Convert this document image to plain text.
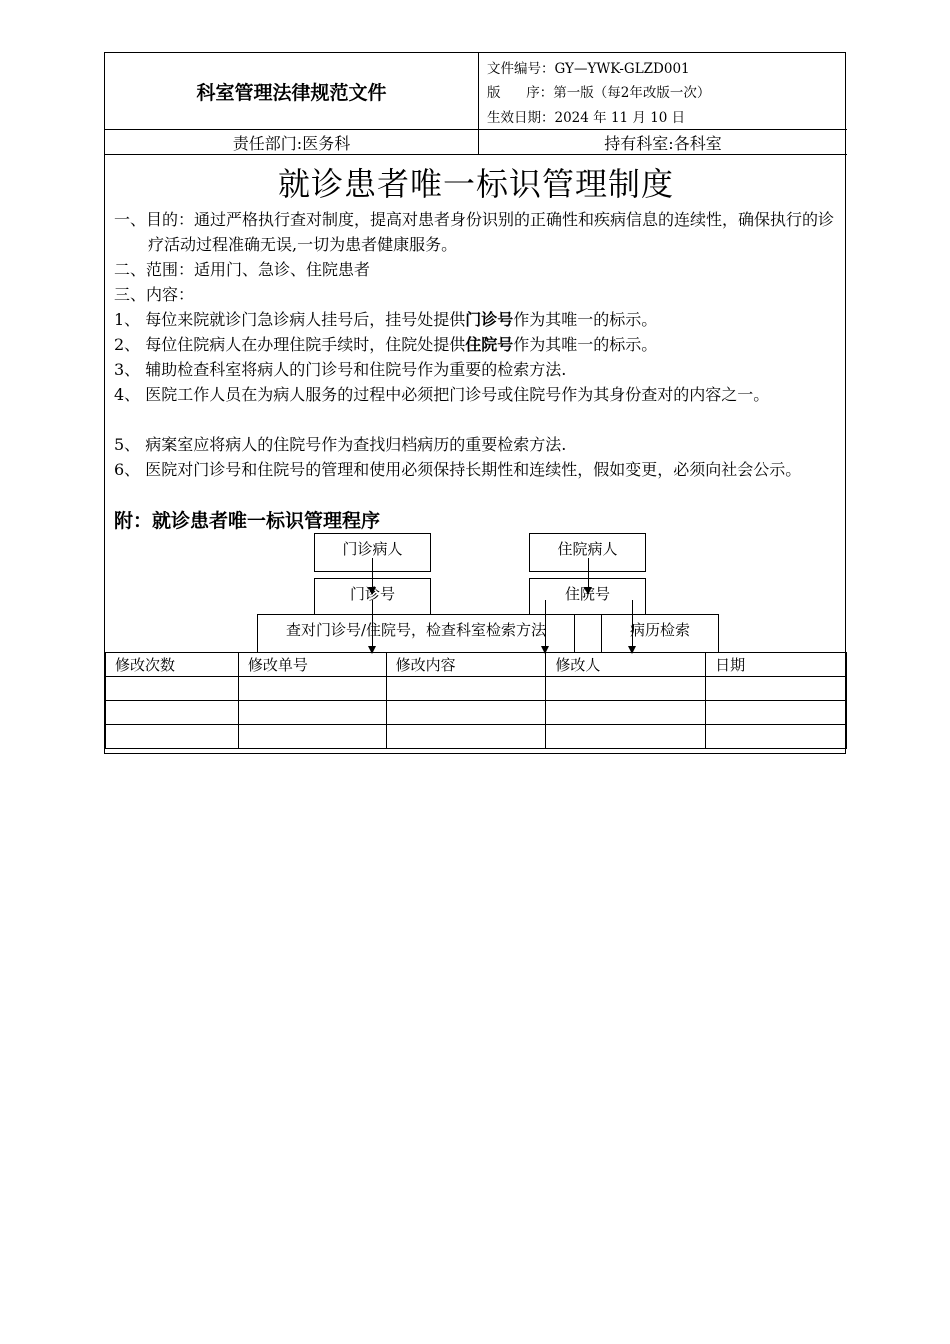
科室管理法律规范文件
文件编号：GY—YWK-GLZD001
版      序：第一版（每2年改版一次）
生效日期：2024 年 11 月 10 日
责任部门:医务科	持有科室:各科室
就诊患者唯一标识管理制度
一、目的：通过严格执行查对制度，提高对患者身份识别的正确性和疾病信息的连续性，确保执行的诊疗活动过程准确无误,一切为患者健康服务。
二、范围：适用门、急诊、住院患者
三、内容：
1、 每位来院就诊门急诊病人挂号后，挂号处提供门诊号作为其唯一的标示。
2、 每位住院病人在办理住院手续时，住院处提供住院号作为其唯一的标示。
3、 辅助检查科室将病人的门诊号和住院号作为重要的检索方法.
4、 医院工作人员在为病人服务的过程中必须把门诊号或住院号作为其身份查对的内容之一。
5、 病案室应将病人的住院号作为查找归档病历的重要检索方法.
6、 医院对门诊号和住院号的管理和使用必须保持长期性和连续性，假如变更，必须向社会公示。
附：就诊患者唯一标识管理程序
门诊病人	住院病人
门诊号	住院号
查对门诊号/住院号，检查科室检索方法	病历检索
修改次数	修改单号	修改内容	修改人	日期
